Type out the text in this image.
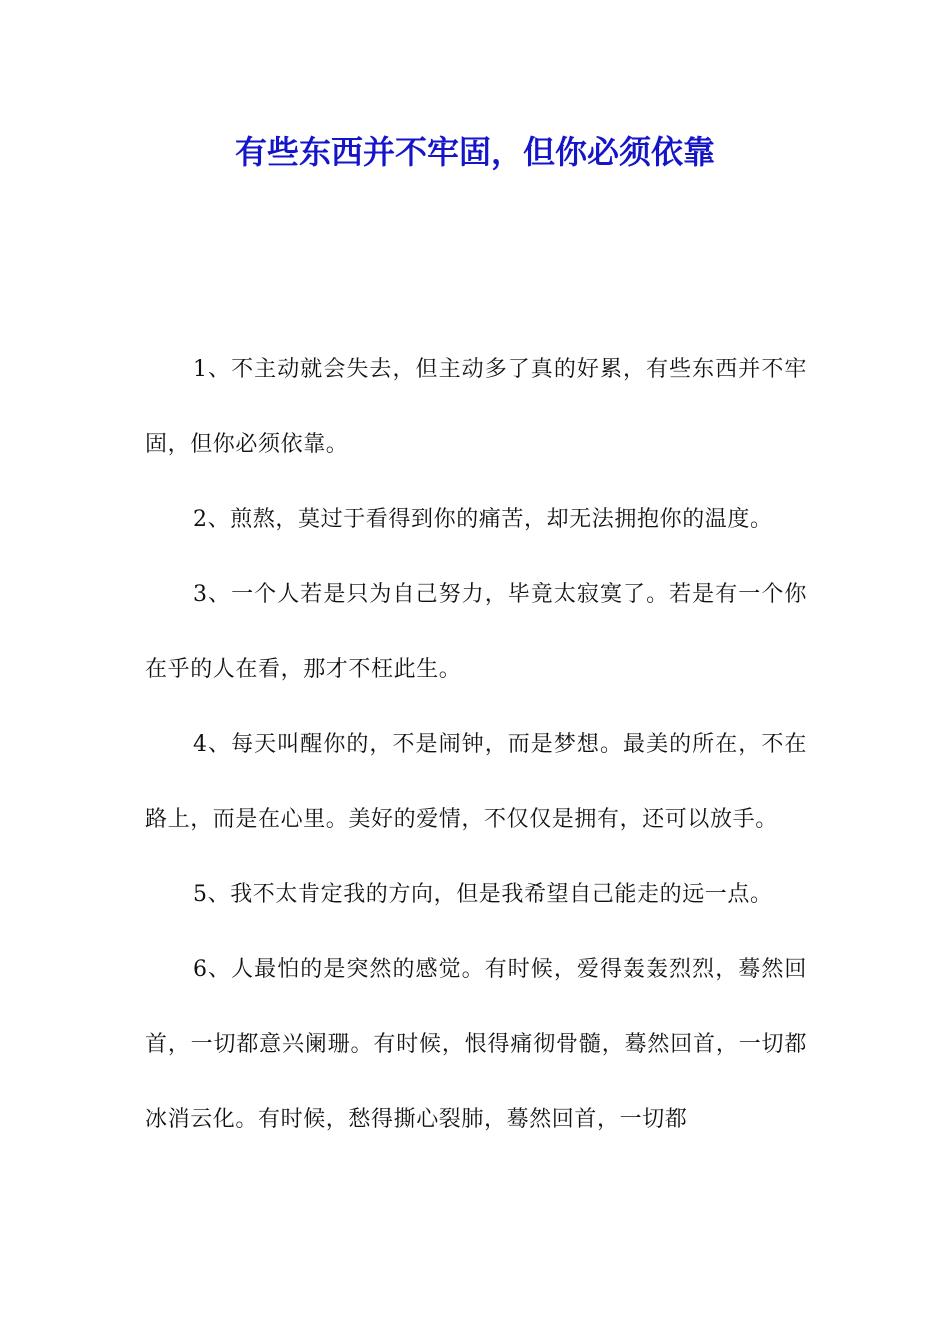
有些东西并不牢固，但你必须依靠

1、不主动就会失去，但主动多了真的好累，有些东西并不牢固，但你必须依靠。

2、煎熬，莫过于看得到你的痛苦，却无法拥抱你的温度。

3、一个人若是只为自己努力，毕竟太寂寞了。若是有一个你在乎的人在看，那才不枉此生。

4、每天叫醒你的，不是闹钟，而是梦想。最美的所在，不在路上，而是在心里。美好的爱情，不仅仅是拥有，还可以放手。

5、我不太肯定我的方向，但是我希望自己能走的远一点。

6、人最怕的是突然的感觉。有时候，爱得轰轰烈烈，蓦然回首，一切都意兴阑珊。有时候，恨得痛彻骨髓，蓦然回首，一切都冰消云化。有时候，愁得撕心裂肺，蓦然回首，一切都
